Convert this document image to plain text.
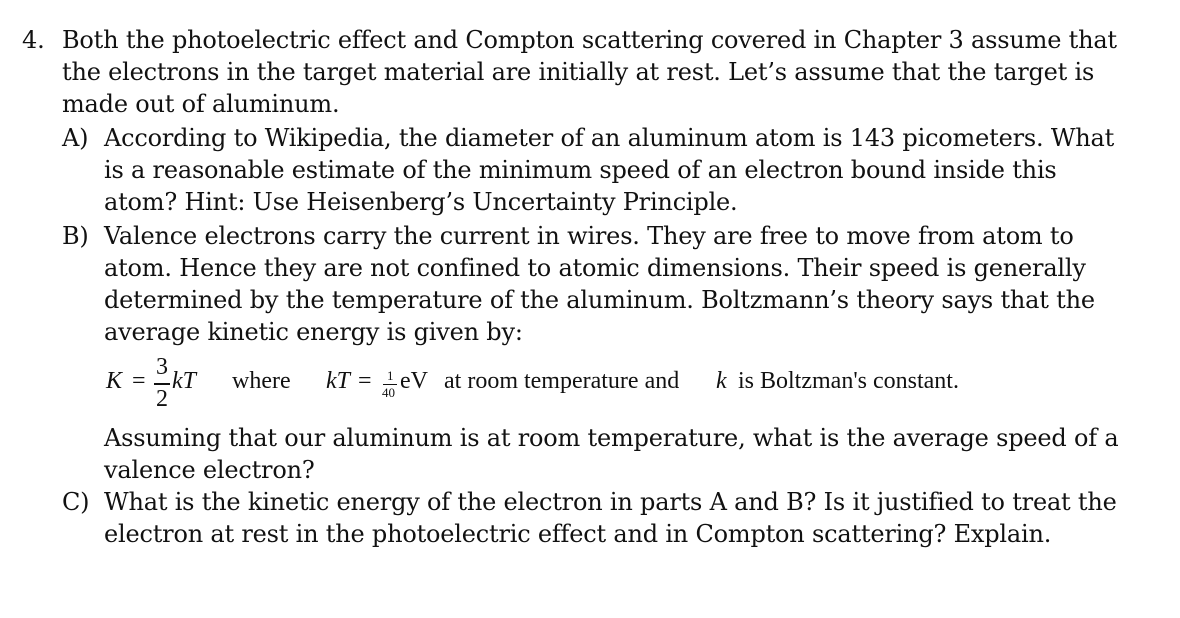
4. Both the photoelectric effect and Compton scattering covered in Chapter 3 assume that
the electrons in the target material are initially at rest. Let’s assume that the target is
made out of aluminum.
A) According to Wikipedia, the diameter of an aluminum atom is 143 picometers. What
is a reasonable estimate of the minimum speed of an electron bound inside this
atom? Hint: Use Heisenberg’s Uncertainty Principle.
B) Valence electrons carry the current in wires. They are free to move from atom to
atom. Hence they are not confined to atomic dimensions. Their speed is generally
determined by the temperature of the aluminum. Boltzmann’s theory says that the
average kinetic energy is given by:
K =
3
2
kT where kT = 1
40 eV at room temperature and k is Boltzman's constant.
Assuming that our aluminum is at room temperature, what is the average speed of a
valence electron?
C) What is the kinetic energy of the electron in parts A and B? Is it justified to treat the
electron at rest in the photoelectric effect and in Compton scattering? Explain.
